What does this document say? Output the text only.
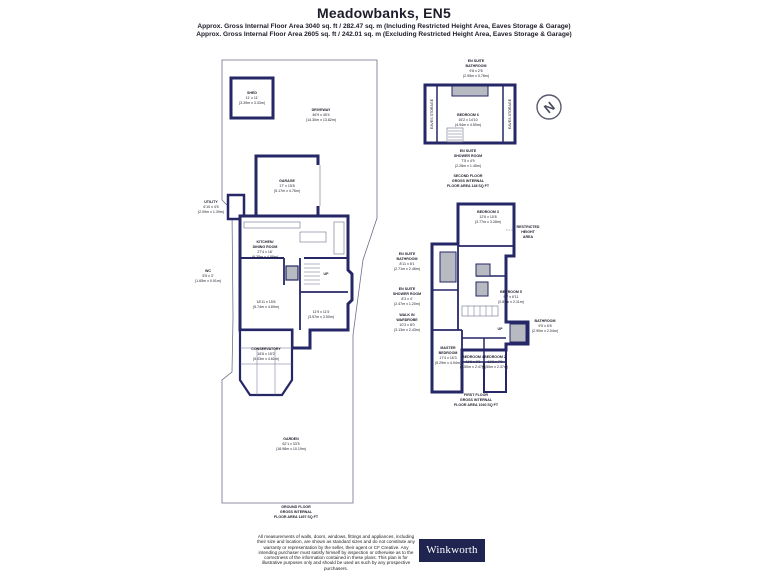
Meadowbanks, EN5
Approx. Gross Internal Floor Area 3040 sq. ft / 282.47 sq. m (Including Restricted Height Area, Eaves Storage & Garage)
Approx. Gross Internal Floor Area 2605 sq. ft / 242.01 sq. m (Excluding Restricted Height Area, Eaves Storage & Garage)
SHED
11' x 11'
(3.39m x 3.33m)
DRIVEWAY
46'9 x 45'4
(14.30m x 13.82m)
GARAGE
17' x 15'8
(5.17m x 4.76m)
UTILITY
6'10 x 4'5
(2.09m x 1.39m)
KITCHEN/
DINING ROOM
27'4 x 16'
(8.35m x 4.88m)
WC
5'5 x 3'
(1.65m x 0.91m)
UP
18'11 x 15'6
(5.74m x 4.69m)
11'9 x 11'5
(3.57m x 3.50m)
CONSERVATORY
16'6 x 15'2
(5.03m x 4.61m)
GARDEN
62'1 x 33'5
(18.98m x 10.19m)
GROUND FLOOR
GROSS INTERNAL
FLOOR AREA 1497 SQ FT
EN SUITE
BATHROOM
9'8 x 2'6
(2.95m x 0.78m)
BEDROOM 6
16'2 x 14'10
(4.94m x 4.50m)
EAVES STORAGE	EAVES STORAGE
EN SUITE
SHOWER ROOM
7'5 x 4'9
(2.26m x 1.45m)
SECOND FLOOR
GROSS INTERNAL
FLOOR AREA 148 SQ FT
BEDROOM 3
12'6 x 10'8
(3.77m x 3.28m)
RESTRICTED
HEIGHT
AREA
EN SUITE
BATHROOM
8'11 x 8'1
(2.71m x 2.46m)
EN SUITE
SHOWER ROOM
8'3 x 4'
(2.47m x 1.20m)
WALK IN
WARDROBE
10'3 x 8'0
(3.13m x 2.43m)
BEDROOM 5
9'7 x 6'11
(2.89m x 2.11m)
BATHROOM
9'5 x 6'8
(2.90m x 2.04m)
MASTER
BEDROOM
17'4 x 16'3
(5.29m x 4.94m)
BEDROOM 4
11'6 x 8'1
(3.50m x 2.47m)
BEDROOM 2
11'6 x 7'9
(3.50m x 2.37m)
UP
FIRST FLOOR
GROSS INTERNAL
FLOOR AREA 1040 SQ FT
N
All measurements of walls, doors, windows, fittings and appliances, including their size and location, are shown as standard sizes and do not constitute any warranty or representation by the seller, their agent or CF Creative. Any intending purchaser must satisfy himself by inspection or otherwise as to the correctness of the information contained in these plans. This plan is for illustrative purposes only and should be used as such by any prospective purchasers.
Winkworth
